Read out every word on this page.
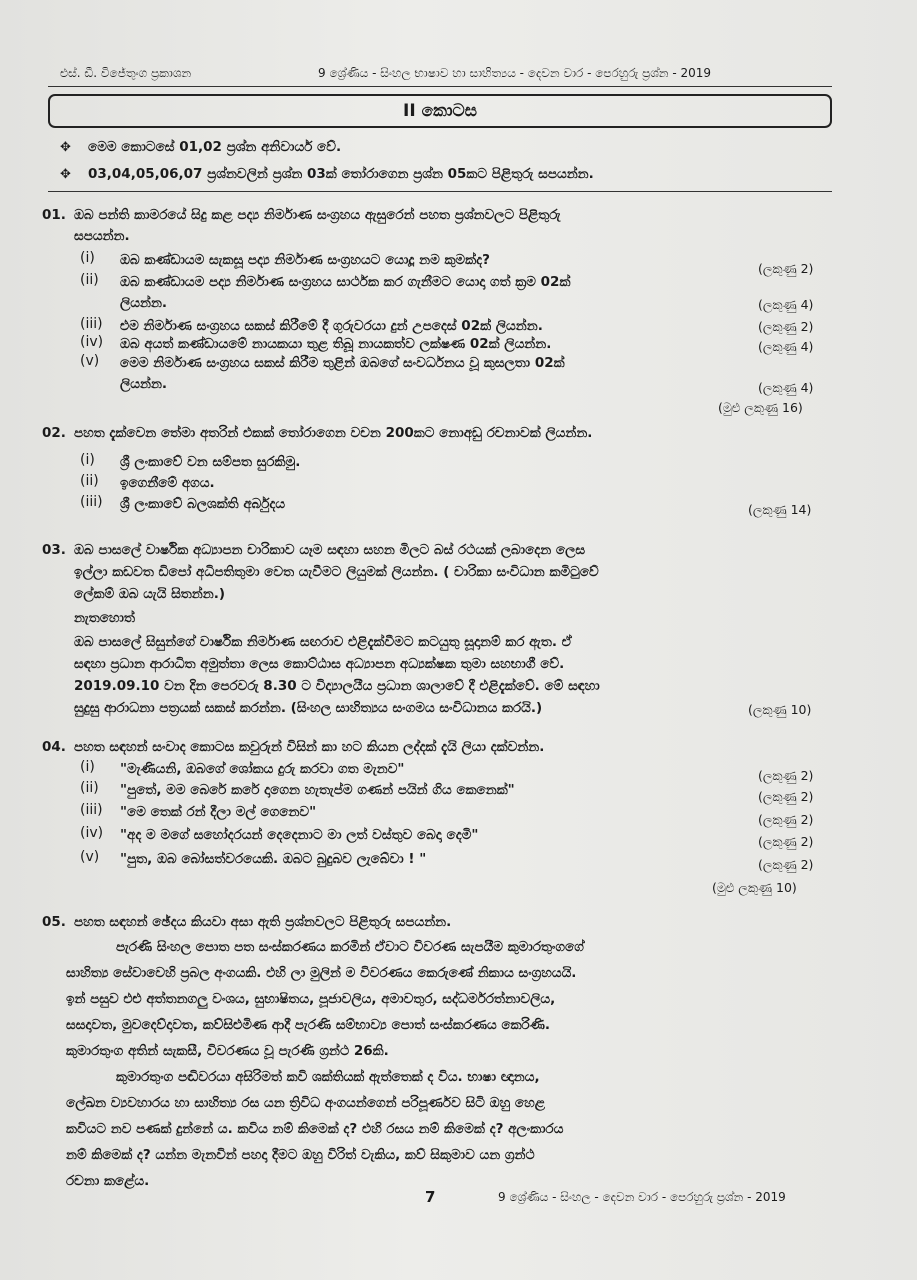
එස්. ඩී. විජේතුංග ප්‍රකාශන	9 ශ්‍රේණිය - සිංහල භාෂාව හා සාහිත්‍යය - දෙවන වාර - පෙරහුරු ප්‍රශ්න - 2019
II කොටස
✥ මෙම කොටසේ 01,02 ප්‍රශ්න අනිවාර්ය වේ.
✥ 03,04,05,06,07 ප්‍රශ්නවලින් ප්‍රශ්න 03ක් තෝරාගෙන ප්‍රශ්න 05කට පිළිතුරු සපයන්න.
01. ඔබ පන්ති කාමරයේ සිදු කළ පද්‍ය නිර්මාණ සංග්‍රහය ඇසුරෙන් පහත ප්‍රශ්නවලට පිළිතුරු
සපයන්න.
(i) ඔබ කණ්ඩායම සැකසූ පද්‍ය නිර්මාණ සංග්‍රහයට යොදූ නම කුමක්ද?
(ලකුණු 2)
(ii) ඔබ කණ්ඩායම පද්‍ය නිර්මාණ සංග්‍රහය සාර්ථක කර ගැනීමට යොදා ගත් ක්‍රම 02ක්
ලියන්න.	(ලකුණු 4)
(iii) එම නිර්මාණ සංග්‍රහය සකස් කිරීමේ දී ගුරුවරයා දුන් උපදෙස් 02ක් ලියන්න.	(ලකුණු 2)
(iv) ඔබ අයත් කණ්ඩායමේ නායකයා තුළ තිබූ නායකත්ව ලක්ෂණ 02ක් ලියන්න.	(ලකුණු 4)
(v) මෙම නිර්මාණ සංග්‍රහය සකස් කිරීම තුළින් ඔබගේ සංවර්ධනය වූ කුසලතා 02ක්
ලියන්න.	(ලකුණු 4)
(මුළු ලකුණු 16)
02. පහත දැක්වෙන තේමා අතරින් එකක් තෝරාගෙන වචන 200කට නොඅඩු රචනාවක් ලියන්න.
(i) ශ්‍රී ලංකාවේ වන සම්පත සුරකිමු.
(ii) ඉගෙනීමේ අගය.
(iii) ශ්‍රී ලංකාවේ බලශක්ති අර්බුදය	(ලකුණු 14)
03. ඔබ පාසලේ වාර්ෂික අධ්‍යාපන චාරිකාව යෑම සඳහා සහන මිලට බස් රථයක් ලබාදෙන ලෙස
ඉල්ලා කඩවත ඩිපෝ අධිපතිතුමා වෙත යැවීමට ලියුමක් ලියන්න. ( චාරිකා සංවිධාන කමිටුවේ
ලේකම් ඔබ යැයි සිතන්න.)
නැතහොත්
ඔබ පාසලේ සිසුන්ගේ වාර්ෂික නිර්මාණ සඟරාව එළිදැක්වීමට කටයුතු සූදානම් කර ඇත. ඒ
සඳහා ප්‍රධාන ආරාධිත අමුත්තා ලෙස කොට්ඨාස අධ්‍යාපන අධ්‍යක්ෂක තුමා සහභාගී වේ.
2019.09.10 වන දින පෙරවරු 8.30 ට විද්‍යාලයීය ප්‍රධාන ශාලාවේ දී එළිදැක්වේ. මේ සඳහා
සුදුසු ආරාධනා පත්‍රයක් සකස් කරන්න. (සිංහල සාහිත්‍යය සංගමය සංවිධානය කරයි.)	(ලකුණු 10)
04. පහත සඳහන් සංවාද කොටස කවුරුන් විසින් කා හට කියන ලද්දක් දැයි ලියා දක්වන්න.
(i) "මැණියනි, ඔබගේ ශෝකය දුරු කරවා ගත මැනව"	(ලකුණු 2)
(ii) "පුතේ, මම බෙරේ කරේ දාගෙන හැතැප්ම ගණන් පයින් ගිය කෙනෙක්"	(ලකුණු 2)
(iii) "මෙ තෙක් රන් දීලා මල් ගෙනෙව"	(ලකුණු 2)
(iv) "අද ම මගේ සහෝදරයන් දෙදෙනාට මා ලත් වස්තුව බෙදා දෙමි"	(ලකුණු 2)
(v) "පුත, ඔබ බෝසත්වරයෙකි. ඔබට බුදුබව ලැබේවා ! "	(ලකුණු 2)
(මුළු ලකුණු 10)
05. පහත සඳහන් ඡේදය කියවා අසා ඇති ප්‍රශ්නවලට පිළිතුරු සපයන්න.
පැරණි සිංහල පොත පත සංස්කරණය කරමින් ඒවාට විවරණ සැපයීම කුමාරතුංගගේ
සාහිත්‍ය සේවාවෙහි ප්‍රබල අංගයකි. එහි ලා මුලින් ම විවරණය කෙරුණේ නිකාය සංග්‍රහයයි.
ඉන් පසුව එළු අත්තනගලු වංශය, සුභාෂිතය, පූජාවලිය, අමාවතුර, සද්ධර්මරත්නාවලිය,
සසදාවත, මුවදෙව්දාවත, කව්සිළුමිණ ආදී පැරණි සම්භාව්‍ය පොත් සංස්කරණය කෙරිණි.
කුමාරතුංග අතින් සැකසී, විවරණය වූ පැරණි ග්‍රන්ථ 26කි.
කුමාරතුංග පඬිවරයා අසිරිමත් කවි ශක්තියක් ඇත්තෙක් ද විය. භාෂා ඥානය,
ලේඛන ව්‍යවහාරය හා සාහිත්‍ය රස යන ත්‍රිවිධ අංගයන්ගෙන් පරිපූර්ණව සිටි ඔහු හෙළ
කවියට නව පණක් දුන්නේ ය. කවිය නම් කිමෙක් ද? එහි රසය නම් කිමෙක් ද? අලංකාරය
නම් කිමෙක් ද? යන්න මැනවින් පහදා දීමට ඔහු විරිත් වැකිය, කව් සිකුමාව යන ග්‍රන්ථ
රචනා කළේය.
7	9 ශ්‍රේණිය - සිංහල - දෙවන වාර - පෙරහුරු ප්‍රශ්න - 2019
